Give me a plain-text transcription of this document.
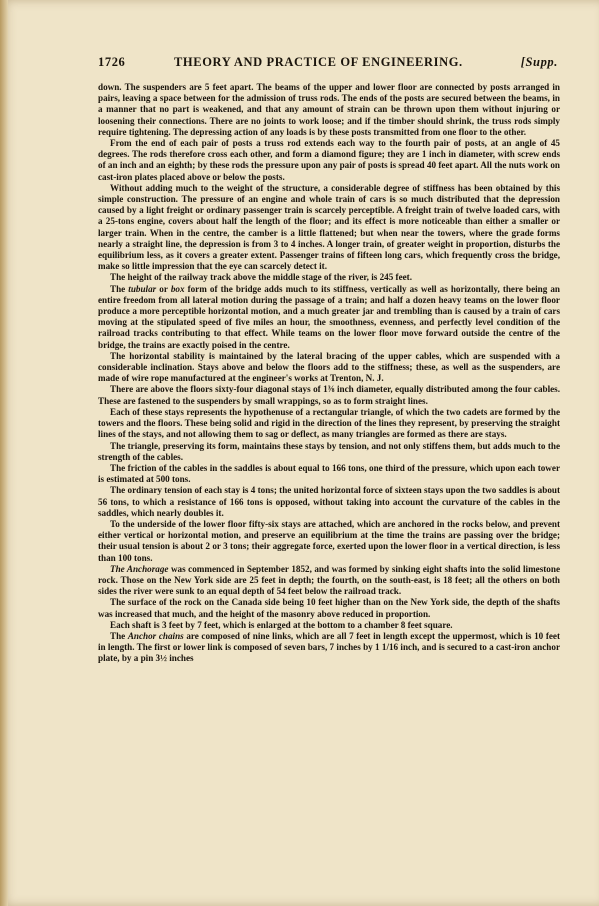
1726	THEORY AND PRACTICE OF ENGINEERING.	[Supp.

down. The suspenders are 5 feet apart. The beams of the upper and lower floor are connected by posts arranged in pairs, leaving a space between for the admission of truss rods. The ends of the posts are secured between the beams, in a manner that no part is weakened, and that any amount of strain can be thrown upon them without injuring or loosening their connections. There are no joints to work loose; and if the timber should shrink, the truss rods simply require tightening. The depressing action of any loads is by these posts transmitted from one floor to the other.

From the end of each pair of posts a truss rod extends each way to the fourth pair of posts, at an angle of 45 degrees. The rods therefore cross each other, and form a diamond figure; they are 1 inch in diameter, with screw ends of an inch and an eighth; by these rods the pressure upon any pair of posts is spread 40 feet apart. All the nuts work on cast-iron plates placed above or below the posts.

Without adding much to the weight of the structure, a considerable degree of stiffness has been obtained by this simple construction. The pressure of an engine and whole train of cars is so much distributed that the depression caused by a light freight or ordinary passenger train is scarcely perceptible. A freight train of twelve loaded cars, with a 25-tons engine, covers about half the length of the floor; and its effect is more noticeable than either a smaller or larger train. When in the centre, the camber is a little flattened; but when near the towers, where the grade forms nearly a straight line, the depression is from 3 to 4 inches. A longer train, of greater weight in proportion, disturbs the equilibrium less, as it covers a greater extent. Passenger trains of fifteen long cars, which frequently cross the bridge, make so little impression that the eye can scarcely detect it.

The height of the railway track above the middle stage of the river, is 245 feet.

The tubular or box form of the bridge adds much to its stiffness, vertically as well as horizontally, there being an entire freedom from all lateral motion during the passage of a train; and half a dozen heavy teams on the lower floor produce a more perceptible horizontal motion, and a much greater jar and trembling than is caused by a train of cars moving at the stipulated speed of five miles an hour, the smoothness, evenness, and perfectly level condition of the railroad tracks contributing to that effect. While teams on the lower floor move forward outside the centre of the bridge, the trains are exactly poised in the centre.

The horizontal stability is maintained by the lateral bracing of the upper cables, which are suspended with a considerable inclination. Stays above and below the floors add to the stiffness; these, as well as the suspenders, are made of wire rope manufactured at the engineer's works at Trenton, N. J.

There are above the floors sixty-four diagonal stays of 1⅜ inch diameter, equally distributed among the four cables. These are fastened to the suspenders by small wrappings, so as to form straight lines.

Each of these stays represents the hypothenuse of a rectangular triangle, of which the two cadets are formed by the towers and the floors. These being solid and rigid in the direction of the lines they represent, by preserving the straight lines of the stays, and not allowing them to sag or deflect, as many triangles are formed as there are stays.

The triangle, preserving its form, maintains these stays by tension, and not only stiffens them, but adds much to the strength of the cables.

The friction of the cables in the saddles is about equal to 166 tons, one third of the pressure, which upon each tower is estimated at 500 tons.

The ordinary tension of each stay is 4 tons; the united horizontal force of sixteen stays upon the two saddles is about 56 tons, to which a resistance of 166 tons is opposed, without taking into account the curvature of the cables in the saddles, which nearly doubles it.

To the underside of the lower floor fifty-six stays are attached, which are anchored in the rocks below, and prevent either vertical or horizontal motion, and preserve an equilibrium at the time the trains are passing over the bridge; their usual tension is about 2 or 3 tons; their aggregate force, exerted upon the lower floor in a vertical direction, is less than 100 tons.

The Anchorage was commenced in September 1852, and was formed by sinking eight shafts into the solid limestone rock. Those on the New York side are 25 feet in depth; the fourth, on the south-east, is 18 feet; all the others on both sides the river were sunk to an equal depth of 54 feet below the railroad track.

The surface of the rock on the Canada side being 10 feet higher than on the New York side, the depth of the shafts was increased that much, and the height of the masonry above reduced in proportion.

Each shaft is 3 feet by 7 feet, which is enlarged at the bottom to a chamber 8 feet square.

The Anchor chains are composed of nine links, which are all 7 feet in length except the uppermost, which is 10 feet in length. The first or lower link is composed of seven bars, 7 inches by 1 1/16 inch, and is secured to a cast-iron anchor plate, by a pin 3½ inches
